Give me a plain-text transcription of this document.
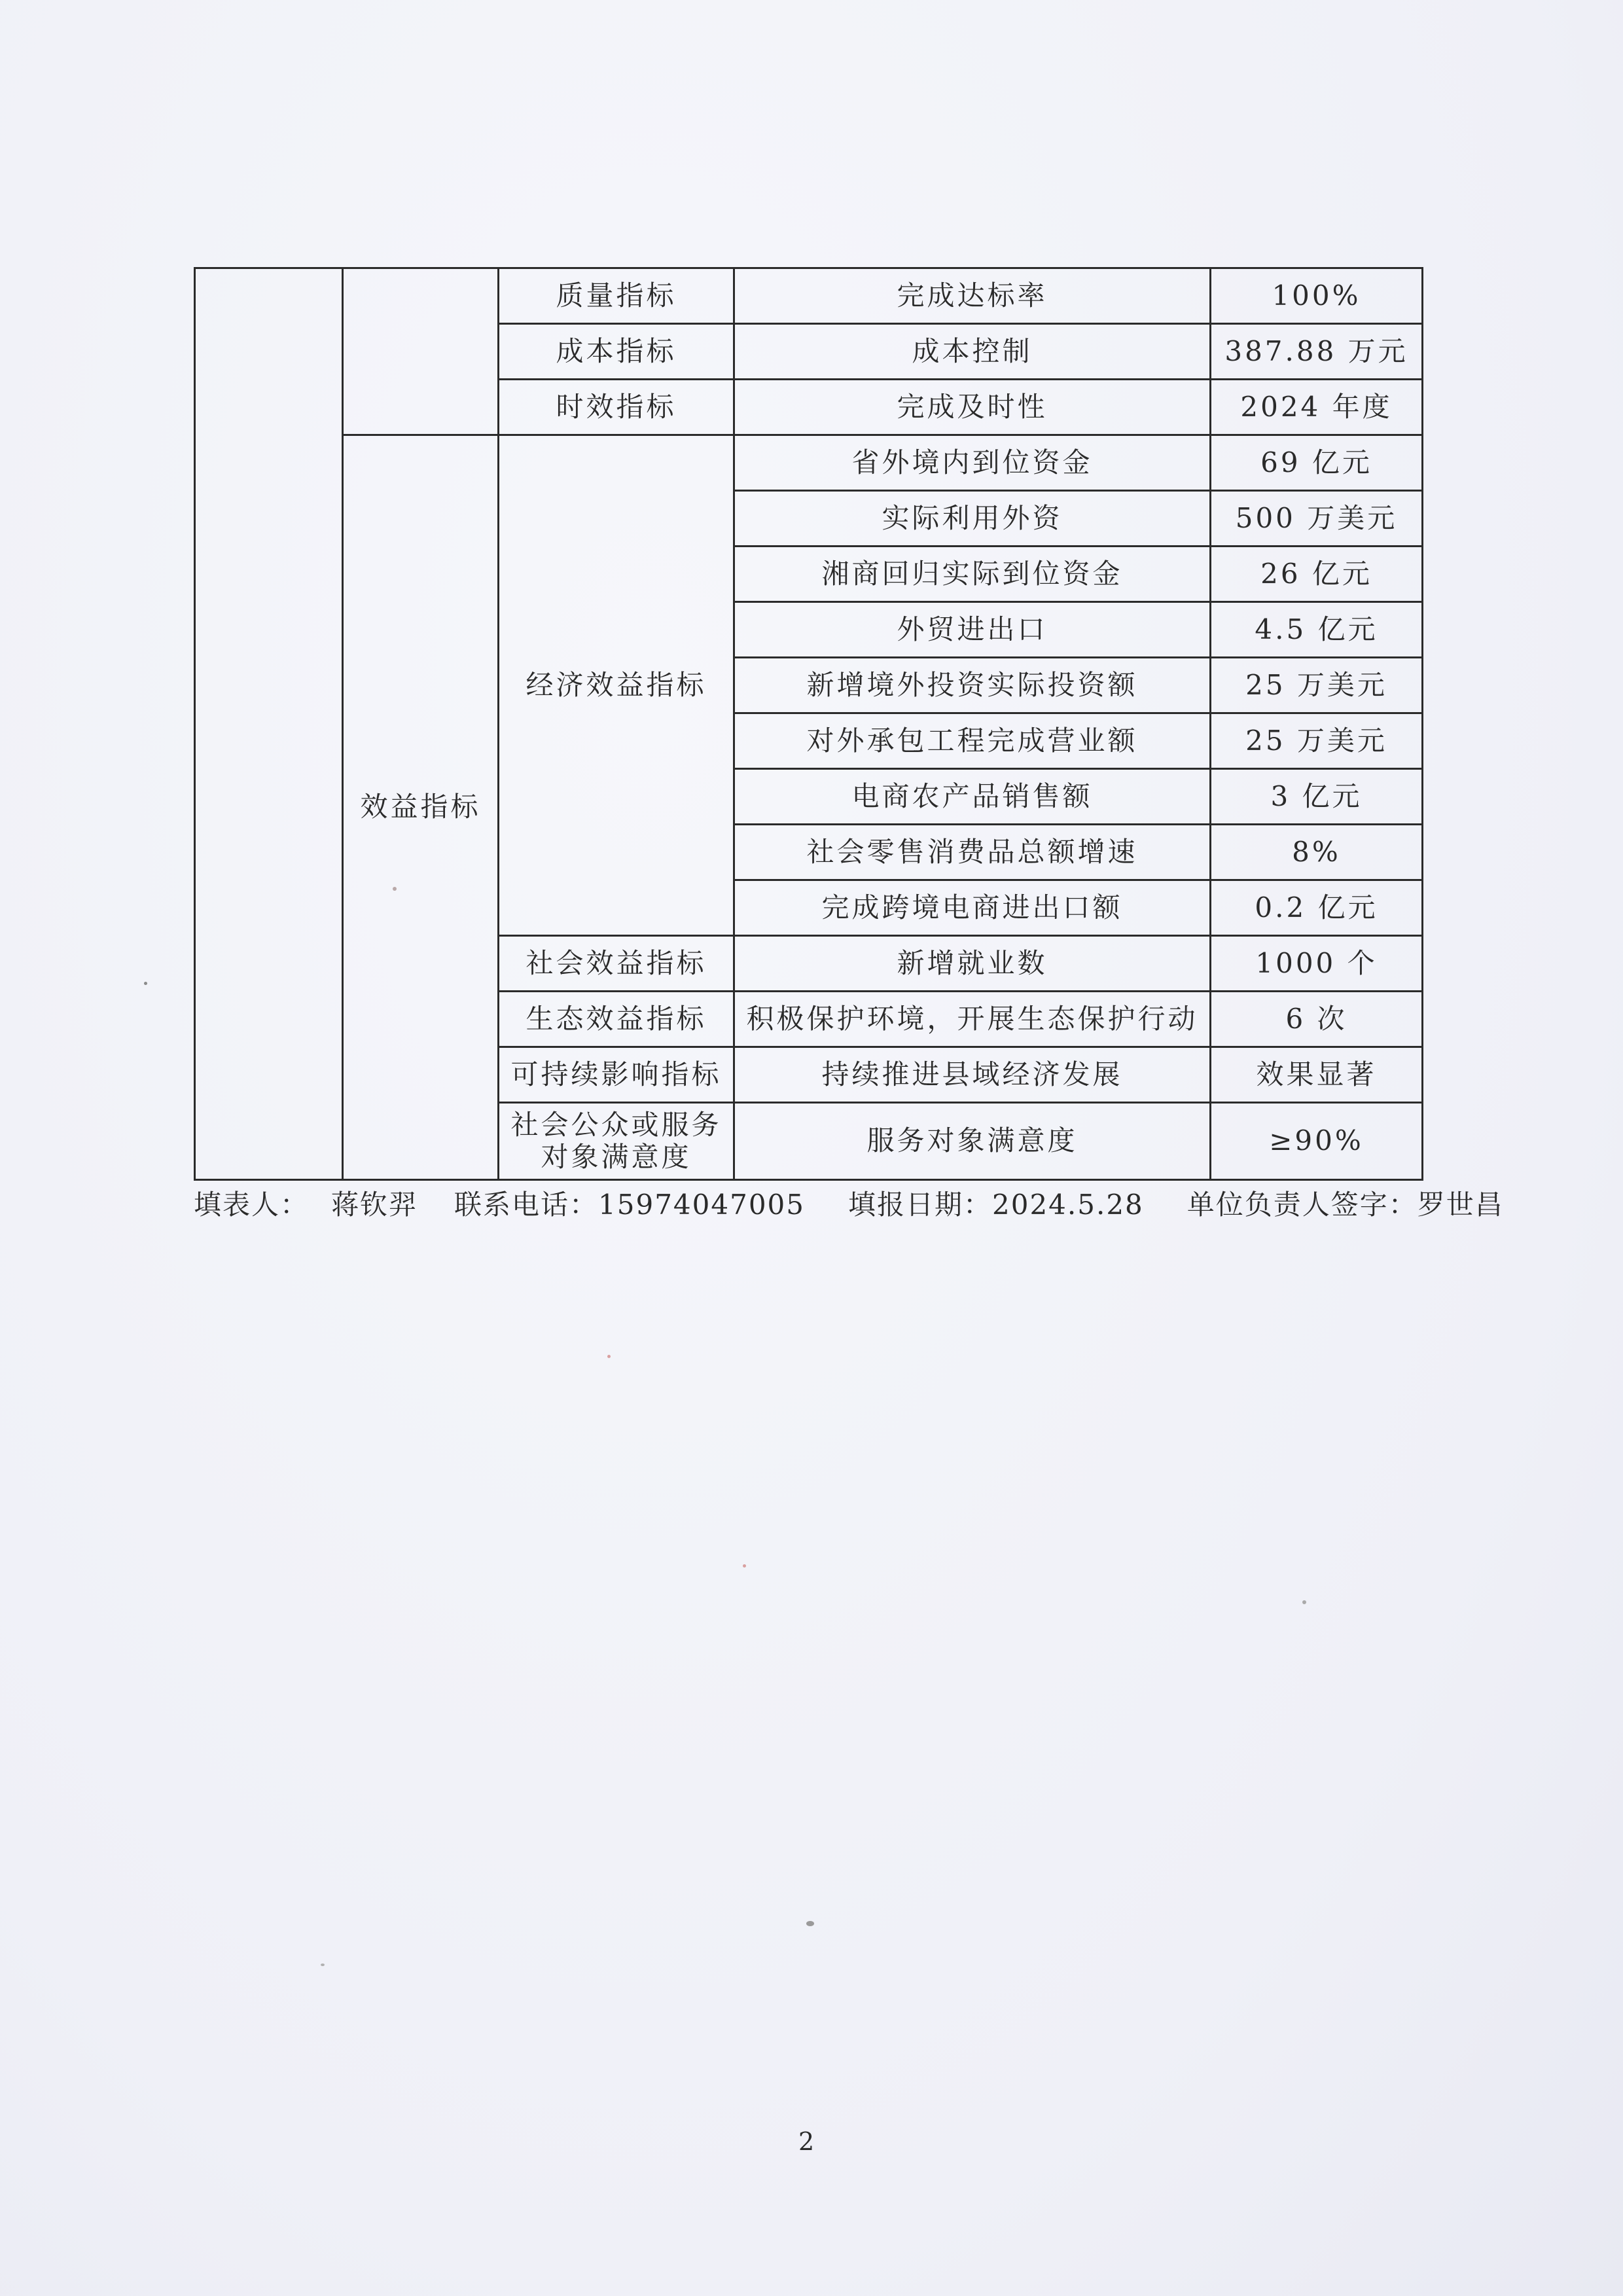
		质量指标	完成达标率	100%
		成本指标	成本控制	387.88 万元
		时效指标	完成及时性	2024 年度
	效益指标	经济效益指标	省外境内到位资金	69 亿元
			实际利用外资	500 万美元
			湘商回归实际到位资金	26 亿元
			外贸进出口	4.5 亿元
			新增境外投资实际投资额	25 万美元
			对外承包工程完成营业额	25 万美元
			电商农产品销售额	3 亿元
			社会零售消费品总额增速	8%
			完成跨境电商进出口额	0.2 亿元
		社会效益指标	新增就业数	1000 个
		生态效益指标	积极保护环境，开展生态保护行动	6 次
		可持续影响指标	持续推进县域经济发展	效果显著
		社会公众或服务
对象满意度	服务对象满意度	≥90%
填表人： 蒋钦羿 联系电话：15974047005 填报日期：2024.5.28 单位负责人签字：罗世昌
2
